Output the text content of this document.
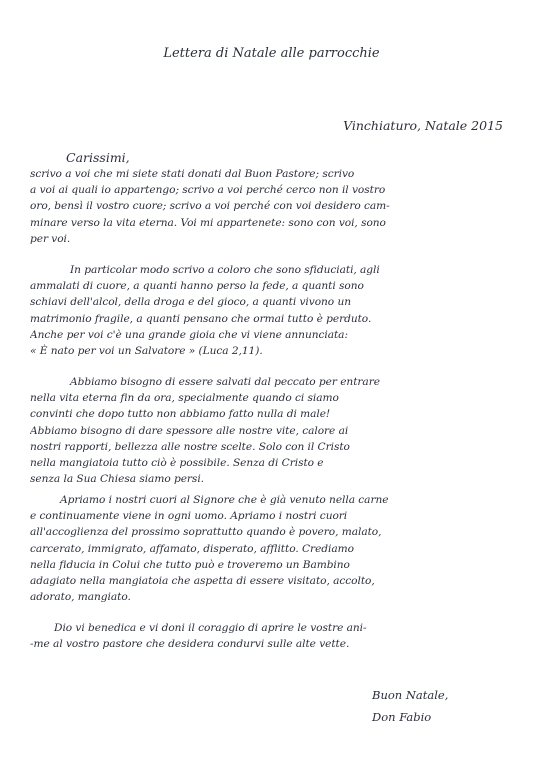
Lettera di Natale alle parrocchie
Vinchiaturo, Natale 2015
Carissimi,
scrivo a voi che mi siete stati donati dal Buon Pastore; scrivo
a voi ai quali io appartengo; scrivo a voi perché cerco non il vostro
oro, bensì il vostro cuore; scrivo a voi perché con voi desidero cam-
minare verso la vita eterna. Voi mi appartenete: sono con voi, sono
per voi.
In particolar modo scrivo a coloro che sono sfiduciati, agli
ammalati di cuore, a quanti hanno perso la fede, a quanti sono
schiavi dell'alcol, della droga e del gioco, a quanti vivono un
matrimonio fragile, a quanti pensano che ormai tutto è perduto.
Anche per voi c'è una grande gioia che vi viene annunciata:
« È nato per voi un Salvatore » (Luca 2,11).
Abbiamo bisogno di essere salvati dal peccato per entrare
nella vita eterna fin da ora, specialmente quando ci siamo
convinti che dopo tutto non abbiamo fatto nulla di male!
Abbiamo bisogno di dare spessore alle nostre vite, calore ai
nostri rapporti, bellezza alle nostre scelte. Solo con il Cristo
nella mangiatoia tutto ciò è possibile. Senza di Cristo e
senza la Sua Chiesa siamo persi.
Apriamo i nostri cuori al Signore che è già venuto nella carne
e continuamente viene in ogni uomo. Apriamo i nostri cuori
all'accoglienza del prossimo soprattutto quando è povero, malato,
carcerato, immigrato, affamato, disperato, afflitto. Crediamo
nella fiducia in Colui che tutto può e troveremo un Bambino
adagiato nella mangiatoia che aspetta di essere visitato, accolto,
adorato, mangiato.
Dio vi benedica e vi doni il coraggio di aprire le vostre ani-
-me al vostro pastore che desidera condurvi sulle alte vette.
Buon Natale,
Don Fabio
